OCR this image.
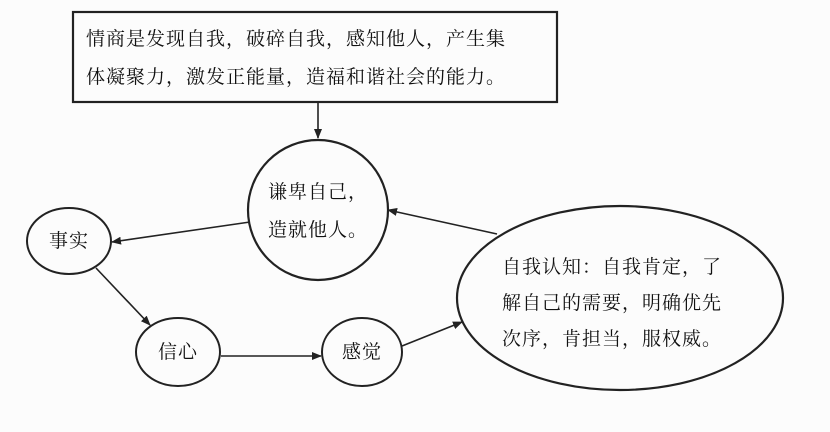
情商是发现自我，破碎自我，感知他人，产生集
体凝聚力，激发正能量，造福和谐社会的能力。
谦卑自己，
造就他人。
事实
信心	感觉
自我认知：自我肯定，了
解自己的需要，明确优先
次序，肯担当，服权威。
